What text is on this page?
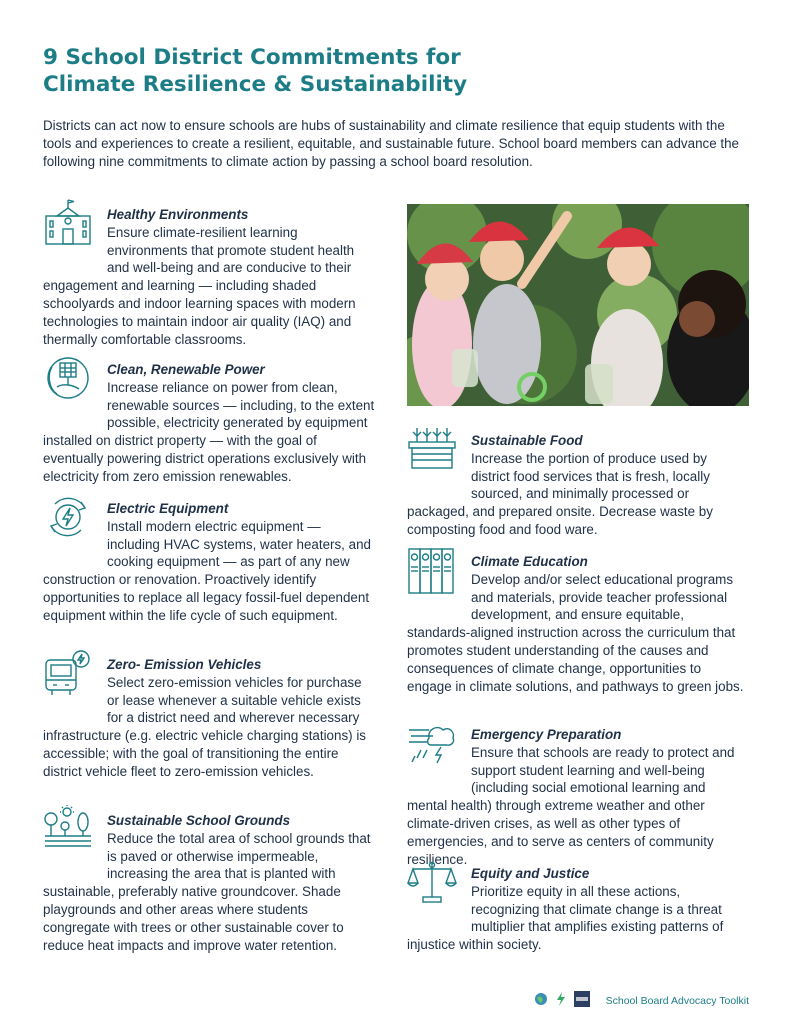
9 School District Commitments for
Climate Resilience & Sustainability

Districts can act now to ensure schools are hubs of sustainability and climate resilience that equip students with the tools and experiences to create a resilient, equitable, and sustainable future. School board members can advance the following nine commitments to climate action by passing a school board resolution.

Healthy Environments
Ensure climate-resilient learning environments that promote student health and well-being and are conducive to their engagement and learning — including shaded schoolyards and indoor learning spaces with modern technologies to maintain indoor air quality (IAQ) and thermally comfortable classrooms.

Clean, Renewable Power
Increase reliance on power from clean, renewable sources — including, to the extent possible, electricity generated by equipment installed on district property — with the goal of eventually powering district operations exclusively with electricity from zero emission renewables.

Electric Equipment
Install modern electric equipment — including HVAC systems, water heaters, and cooking equipment — as part of any new construction or renovation. Proactively identify opportunities to replace all legacy fossil-fuel dependent equipment within the life cycle of such equipment.

Zero- Emission Vehicles
Select zero-emission vehicles for purchase or lease whenever a suitable vehicle exists for a district need and wherever necessary infrastructure (e.g. electric vehicle charging stations) is accessible; with the goal of transitioning the entire district vehicle fleet to zero-emission vehicles.

Sustainable School Grounds
Reduce the total area of school grounds that is paved or otherwise impermeable, increasing the area that is planted with sustainable, preferably native groundcover. Shade playgrounds and other areas where students congregate with trees or other sustainable cover to reduce heat impacts and improve water retention.

Sustainable Food
Increase the portion of produce used by district food services that is fresh, locally sourced, and minimally processed or packaged, and prepared onsite. Decrease waste by composting food and food ware.

Climate Education
Develop and/or select educational programs and materials, provide teacher professional development, and ensure equitable, standards-aligned instruction across the curriculum that promotes student understanding of the causes and consequences of climate change, opportunities to engage in climate solutions, and pathways to green jobs.

Emergency Preparation
Ensure that schools are ready to protect and support student learning and well-being (including social emotional learning and mental health) through extreme weather and other climate-driven crises, as well as other types of emergencies, and to serve as centers of community resilience.

Equity and Justice
Prioritize equity in all these actions, recognizing that climate change is a threat multiplier that amplifies existing patterns of injustice within society.

School Board Advocacy Toolkit
